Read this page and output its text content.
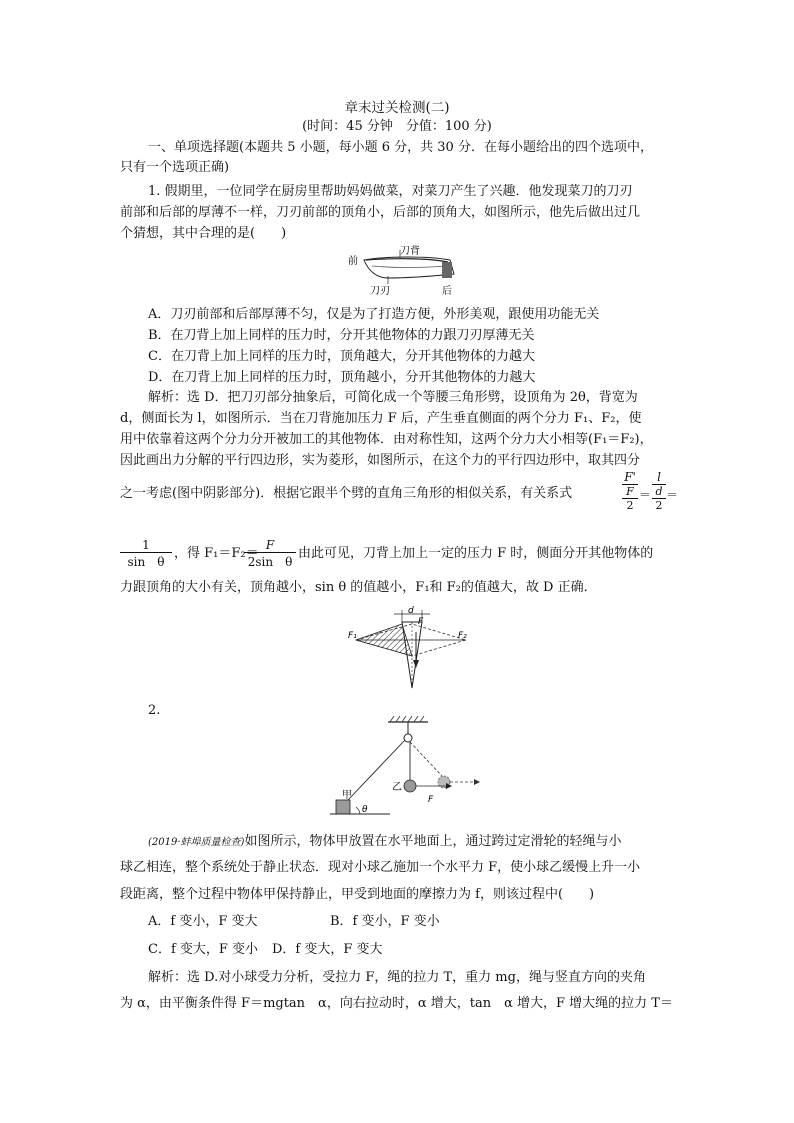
章末过关检测(二)
(时间：45 分钟　分值：100 分)
一、单项选择题(本题共 5 小题，每小题 6 分，共 30 分．在每小题给出的四个选项中，
只有一个选项正确)
1. 假期里，一位同学在厨房里帮助妈妈做菜，对菜刀产生了兴趣．他发现菜刀的刀刃
前部和后部的厚薄不一样，刀刃前部的顶角小，后部的顶角大，如图所示，他先后做出过几
个猜想，其中合理的是(　　)
前
刀背
刀刃	后
A．刀刃前部和后部厚薄不匀，仅是为了打造方便，外形美观，跟使用功能无关
B．在刀背上加上同样的压力时，分开其他物体的力跟刀刃厚薄无关
C．在刀背上加上同样的压力时，顶角越大，分开其他物体的力越大
D．在刀背上加上同样的压力时，顶角越小，分开其他物体的力越大
解析：选 D．把刀刃部分抽象后，可简化成一个等腰三角形劈，设顶角为 2θ，背宽为
d，侧面长为 l，如图所示．当在刀背施加压力 F 后，产生垂直侧面的两个分力 F₁、F₂，使
用中依靠着这两个分力分开被加工的其他物体．由对称性知，这两个分力大小相等(F₁＝F₂)，
因此画出力分解的平行四边形，实为菱形，如图所示，在这个力的平行四边形中，取其四分
之一考虑(图中阴影部分)．根据它跟半个劈的直角三角形的相似关系，有关系式
F'
F
2
＝
l
d
2
＝
$\frac{1}{\text{sin　θ}}$ ，得 F₁＝F₂＝
$\frac{F}{\text{2sin　θ}}$ 由此可见，刀背上加上一定的压力 F 时，侧面分开其他物体的
力跟顶角的大小有关，顶角越小，sin θ 的值越小，F₁和 F₂的值越大，故 D 正确．
d
F
F₁	F₂
2.
甲
θ
乙
F
(2019·蚌埠质量检查)如图所示，物体甲放置在水平地面上，通过跨过定滑轮的轻绳与小
球乙相连，整个系统处于静止状态．现对小球乙施加一个水平力 F，使小球乙缓慢上升一小
段距离，整个过程中物体甲保持静止，甲受到地面的摩擦力为 f，则该过程中(　　)
A．f 变小，F 变大	B．f 变小，F 变小
C．f 变大，F 变小 D．f 变大，F 变大
解析：选 D.对小球受力分析，受拉力 F，绳的拉力 T，重力 mg，绳与竖直方向的夹角
为 α，由平衡条件得 F＝mgtan　α，向右拉动时，α 增大，tan　α 增大，F 增大绳的拉力 T＝
